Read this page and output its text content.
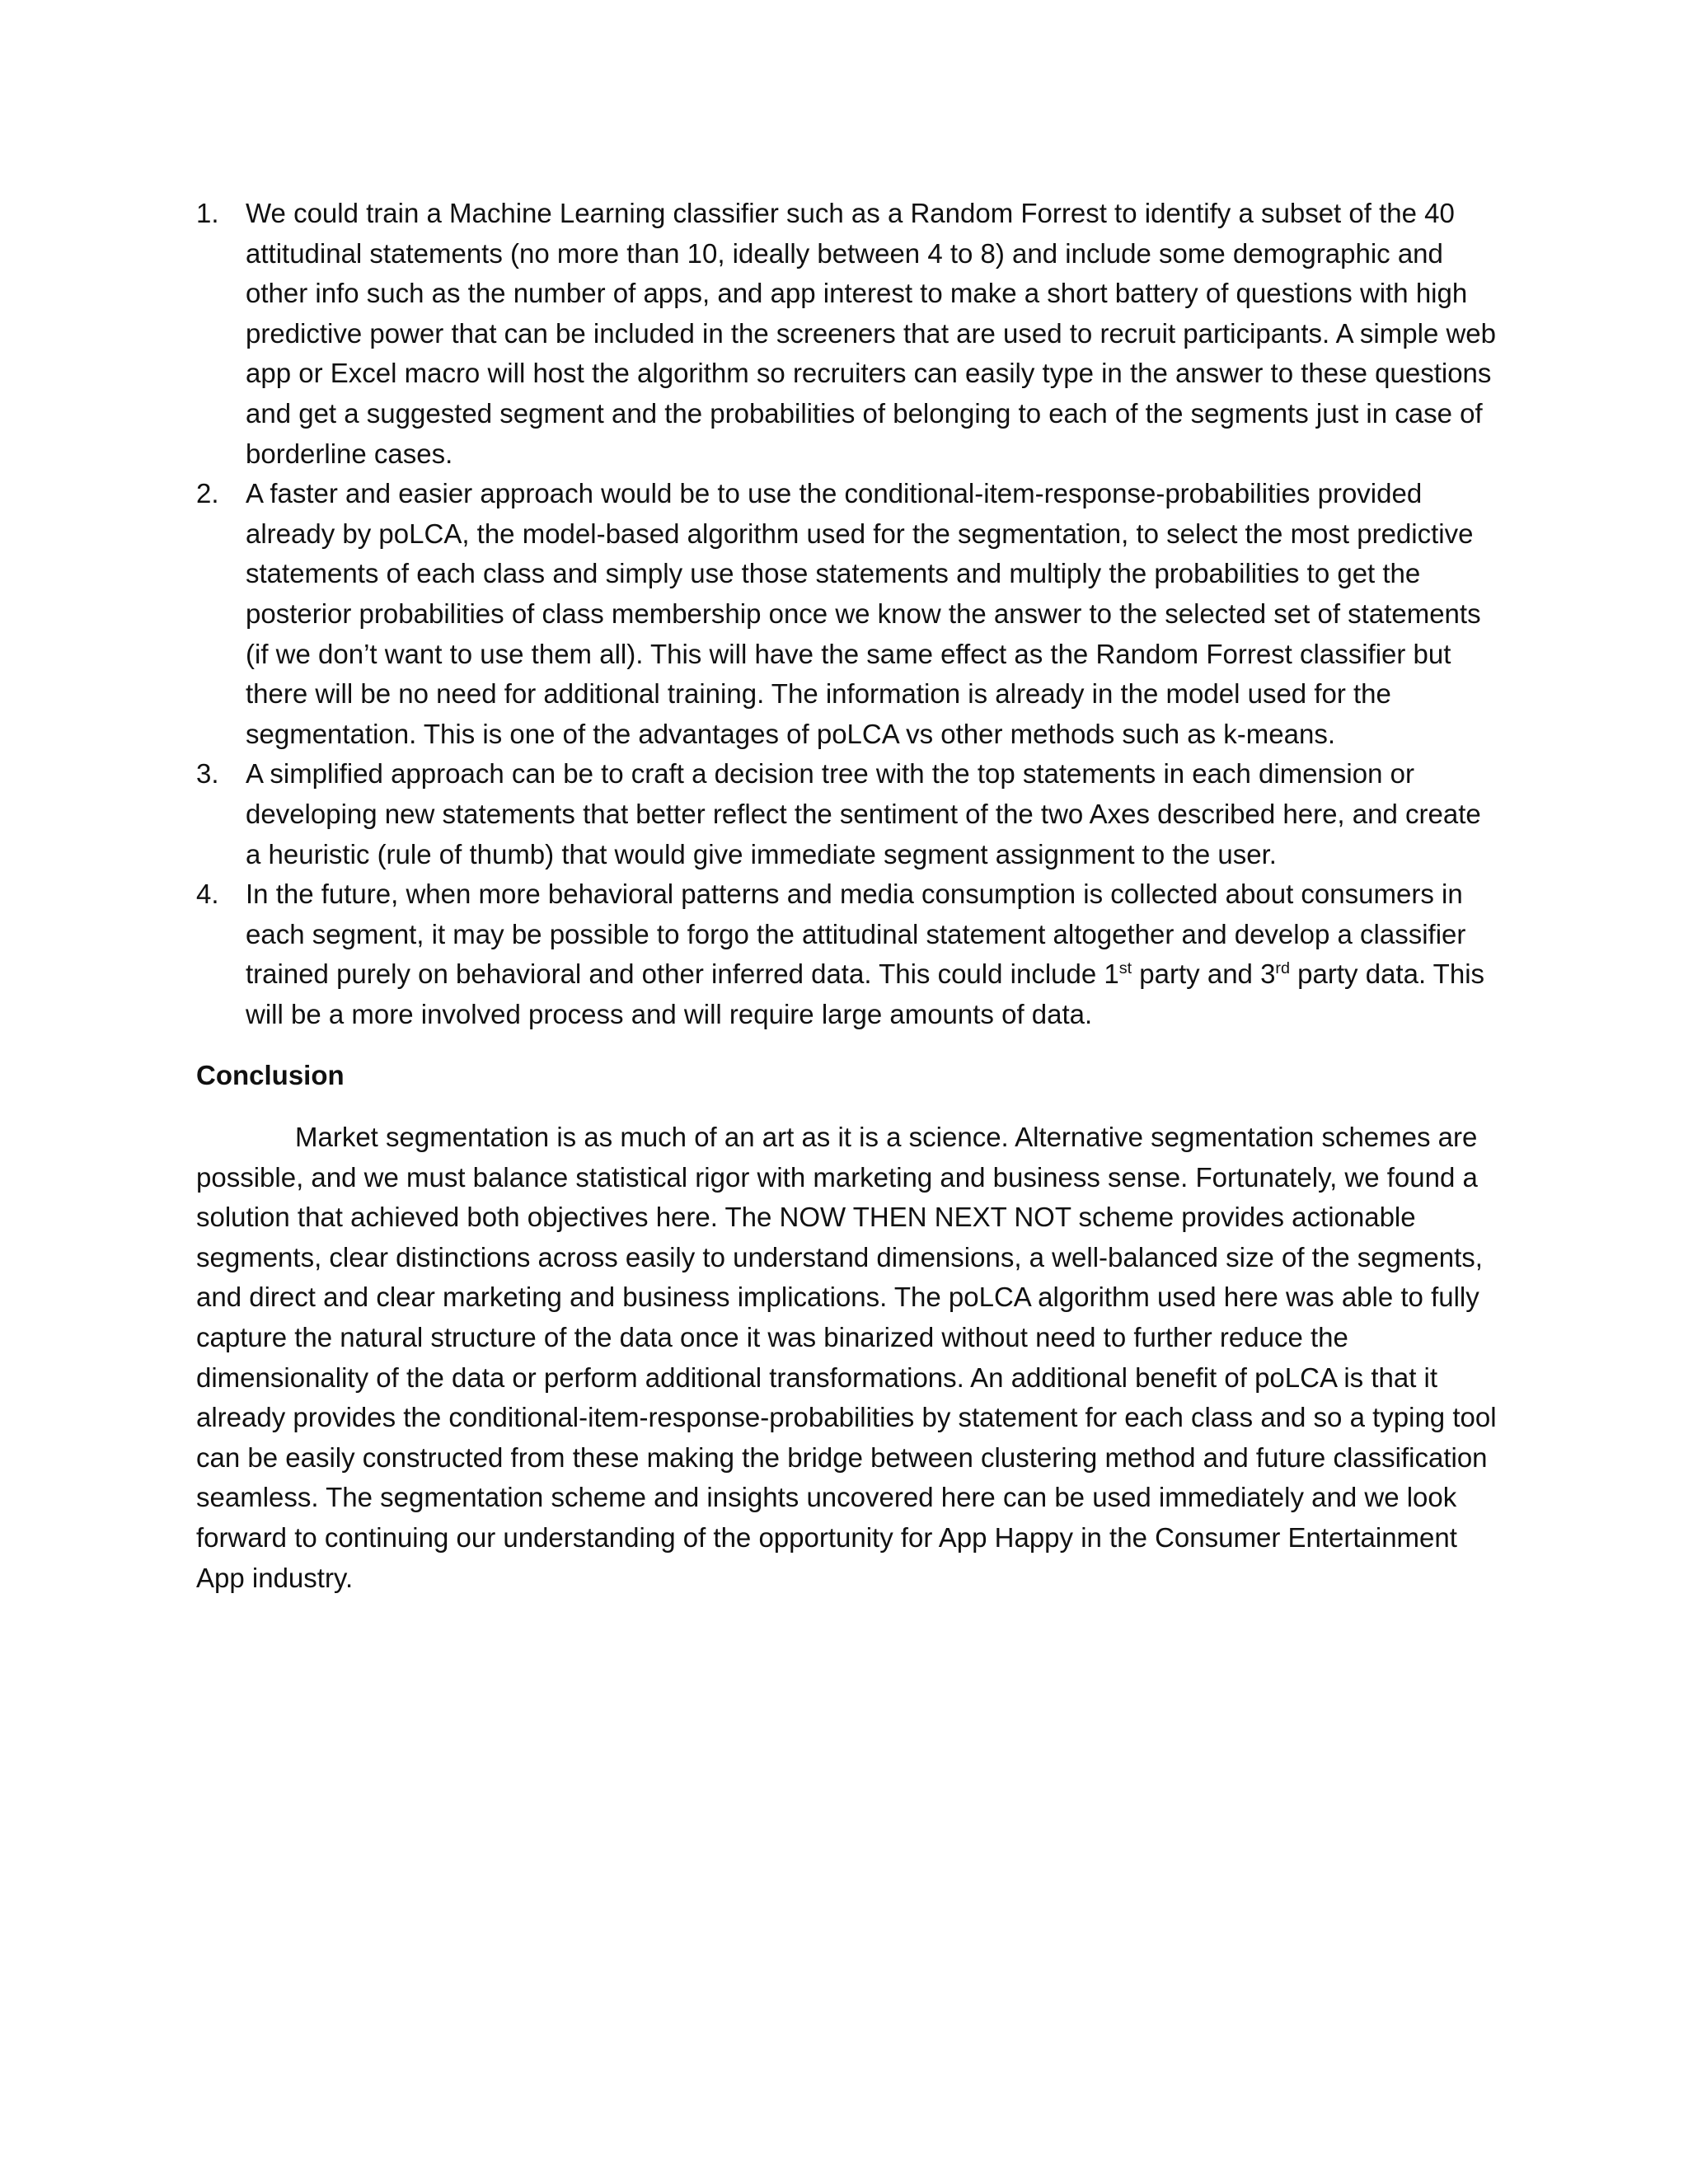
1. We could train a Machine Learning classifier such as a Random Forrest to identify a subset of the 40 attitudinal statements (no more than 10, ideally between 4 to 8) and include some demographic and other info such as the number of apps, and app interest to make a short battery of questions with high predictive power that can be included in the screeners that are used to recruit participants. A simple web app or Excel macro will host the algorithm so recruiters can easily type in the answer to these questions and get a suggested segment and the probabilities of belonging to each of the segments just in case of borderline cases.
2. A faster and easier approach would be to use the conditional-item-response-probabilities provided already by poLCA, the model-based algorithm used for the segmentation, to select the most predictive statements of each class and simply use those statements and multiply the probabilities to get the posterior probabilities of class membership once we know the answer to the selected set of statements (if we don’t want to use them all). This will have the same effect as the Random Forrest classifier but there will be no need for additional training. The information is already in the model used for the segmentation. This is one of the advantages of poLCA vs other methods such as k-means.
3. A simplified approach can be to craft a decision tree with the top statements in each dimension or developing new statements that better reflect the sentiment of the two Axes described here, and create a heuristic (rule of thumb) that would give immediate segment assignment to the user.
4. In the future, when more behavioral patterns and media consumption is collected about consumers in each segment, it may be possible to forgo the attitudinal statement altogether and develop a classifier trained purely on behavioral and other inferred data. This could include 1st party and 3rd party data. This will be a more involved process and will require large amounts of data.
Conclusion

Market segmentation is as much of an art as it is a science. Alternative segmentation schemes are possible, and we must balance statistical rigor with marketing and business sense. Fortunately, we found a solution that achieved both objectives here. The NOW THEN NEXT NOT scheme provides actionable segments, clear distinctions across easily to understand dimensions, a well-balanced size of the segments, and direct and clear marketing and business implications. The poLCA algorithm used here was able to fully capture the natural structure of the data once it was binarized without need to further reduce the dimensionality of the data or perform additional transformations. An additional benefit of poLCA is that it already provides the conditional-item-response-probabilities by statement for each class and so a typing tool can be easily constructed from these making the bridge between clustering method and future classification seamless. The segmentation scheme and insights uncovered here can be used immediately and we look forward to continuing our understanding of the opportunity for App Happy in the Consumer Entertainment App industry.
